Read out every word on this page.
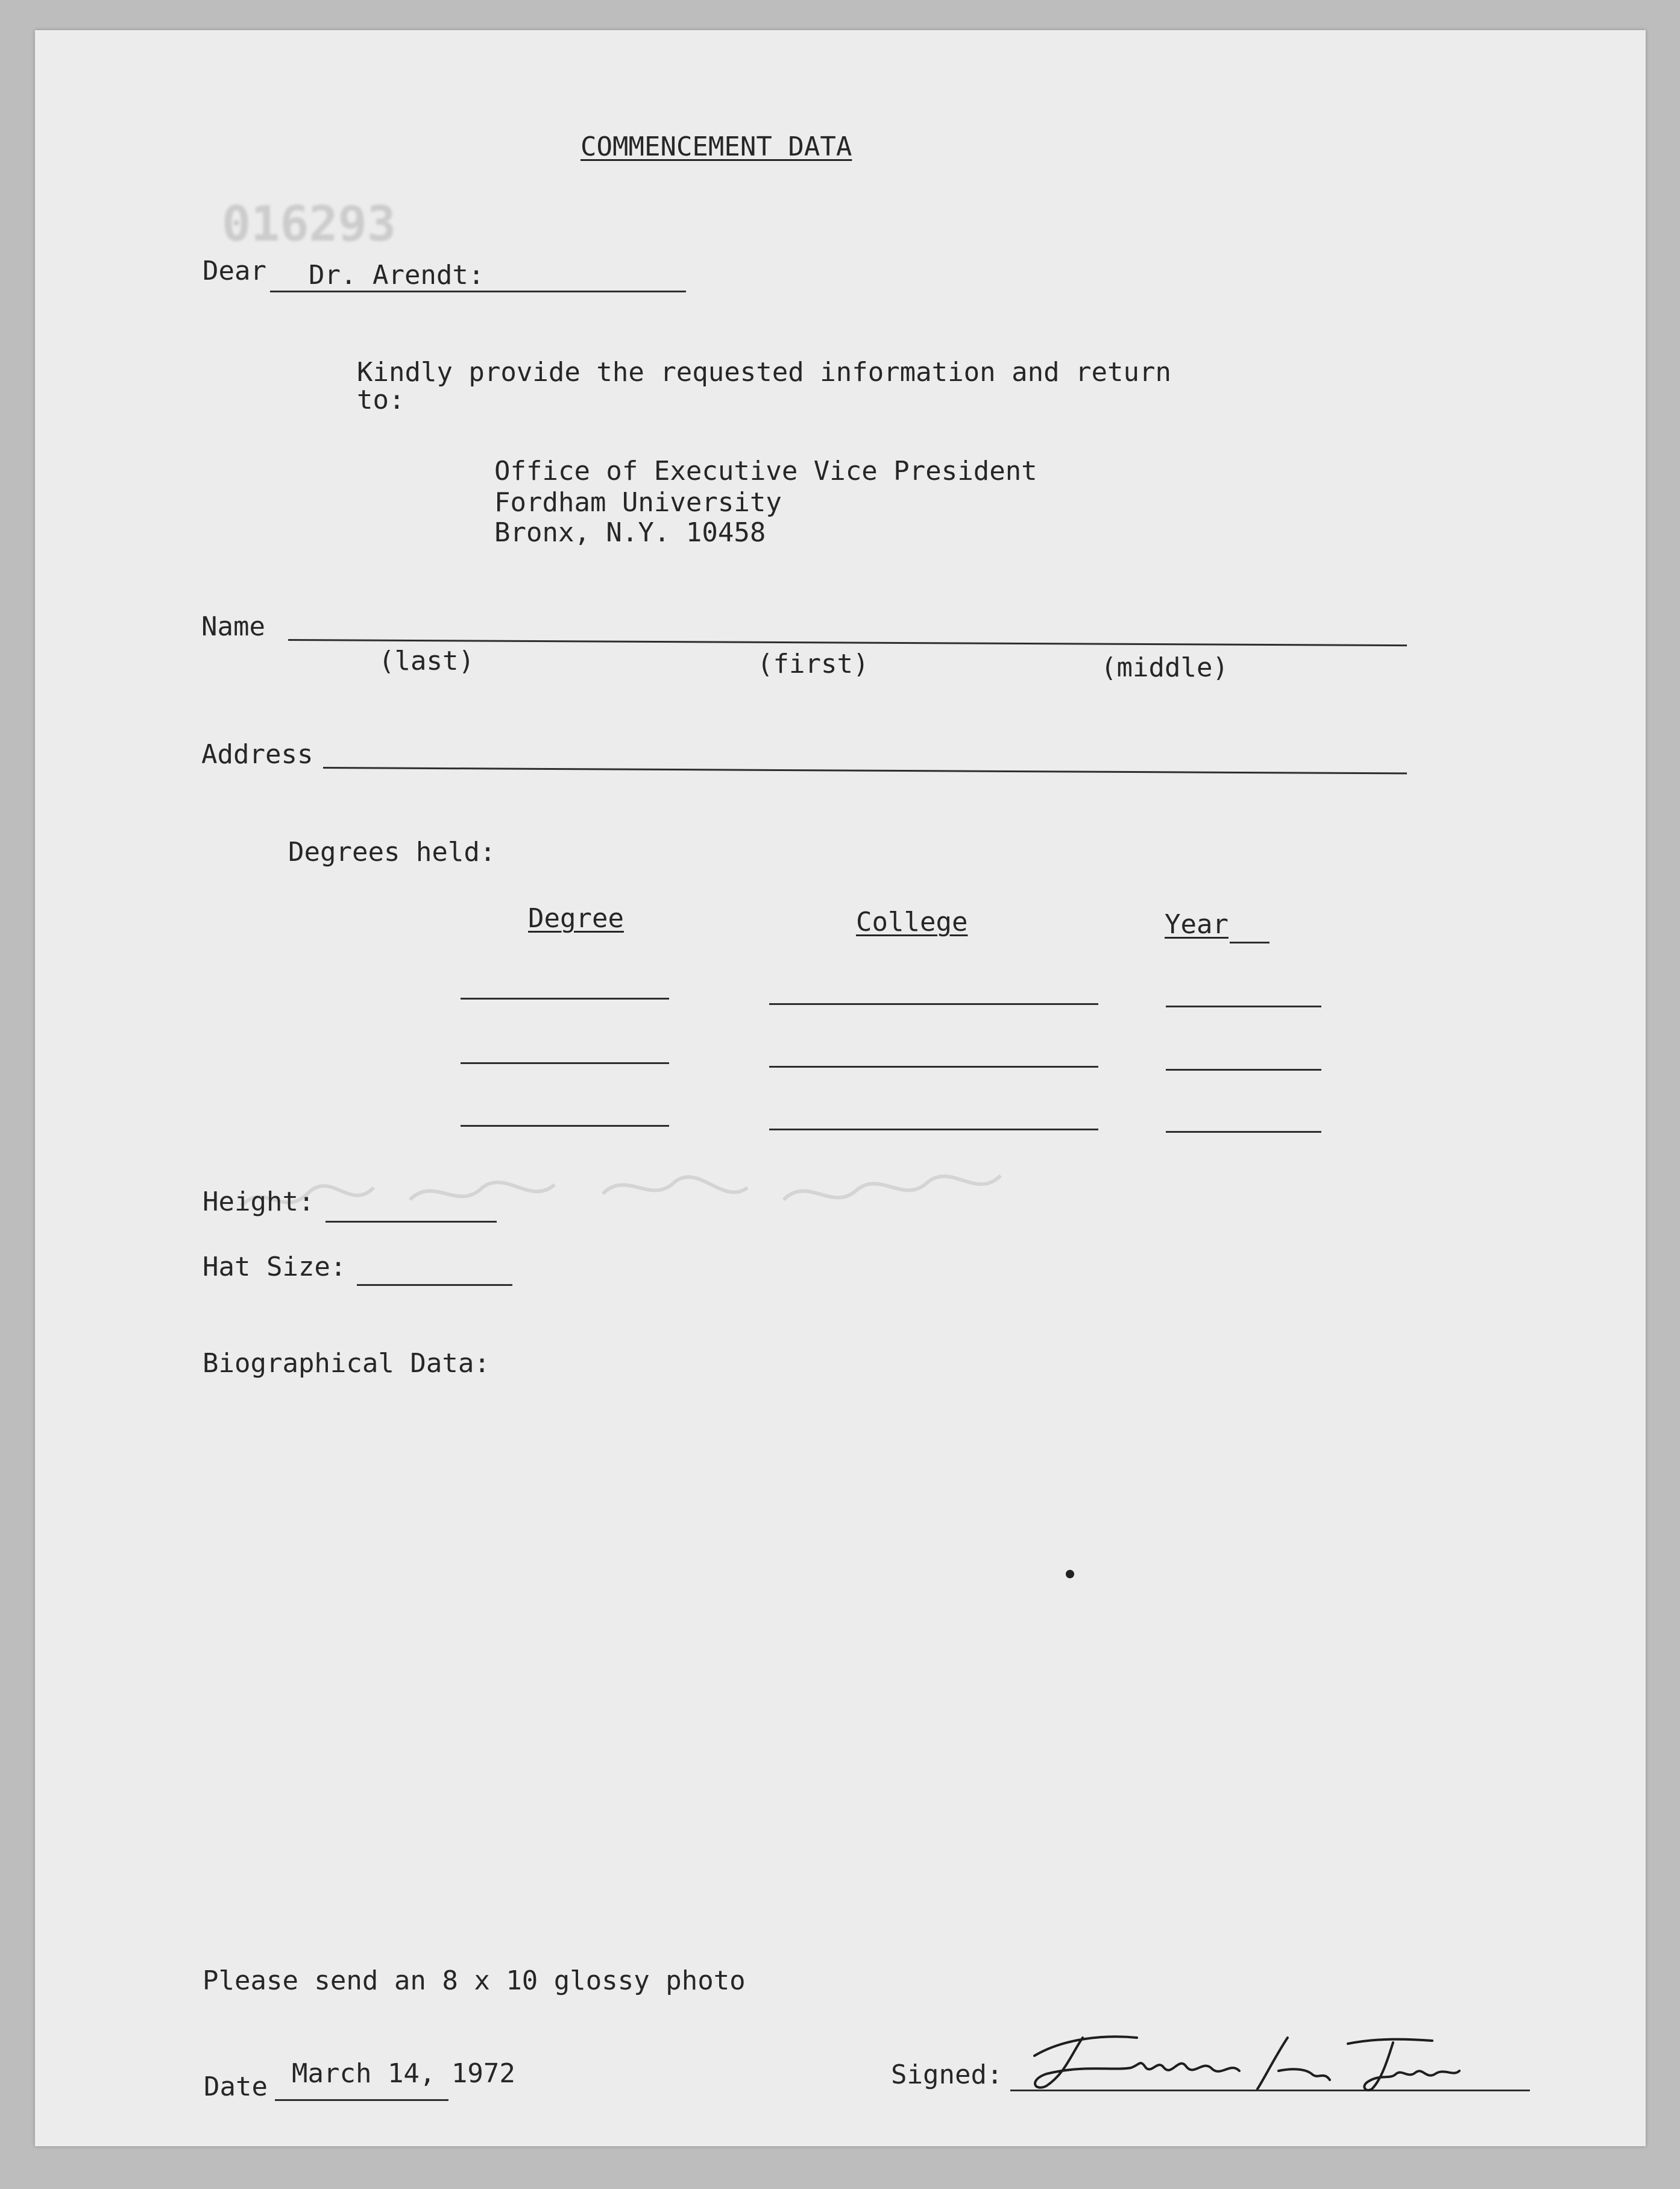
016293
COMMENCEMENT DATA
Dear Dr. Arendt:
Kindly provide the requested information and return
to:
Office of Executive Vice President
Fordham University
Bronx, N.Y. 10458
Name
(last)	(first)	(middle)
Address
Degrees held:
Degree	College	Year
Height:
Hat Size:
Biographical Data:
Please send an 8 x 10 glossy photo
Date March 14, 1972	Signed:
